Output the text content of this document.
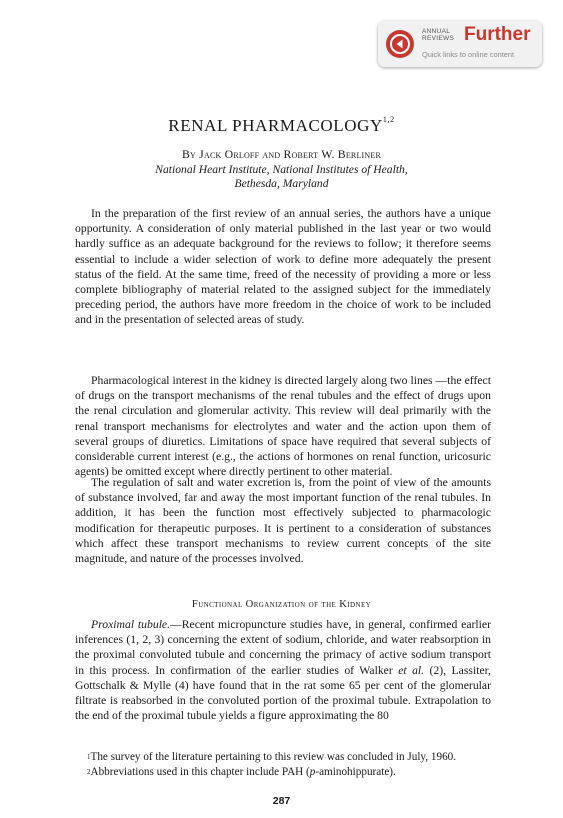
ANNUAL
REVIEWS Further
Quick links to online content
RENAL PHARMACOLOGY$^{1,2}$
By Jack Orloff and Robert W. Berliner
National Heart Institute, National Institutes of Health,
Bethesda, Maryland

In the preparation of the first review of an annual series, the authors have a unique opportunity. A consideration of only material published in the last year or two would hardly suffice as an adequate background for the reviews to follow; it therefore seems essential to include a wider selection of work to define more adequately the present status of the field. At the same time, freed of the necessity of providing a more or less complete bibliography of material related to the assigned subject for the immediately preceding period, the authors have more freedom in the choice of work to be included and in the presentation of selected areas of study.

Pharmacological interest in the kidney is directed largely along two lines —the effect of drugs on the transport mechanisms of the renal tubules and the effect of drugs upon the renal circulation and glomerular activity. This review will deal primarily with the renal transport mechanisms for electrolytes and water and the action upon them of several groups of diuretics. Limitations of space have required that several subjects of considerable current interest (e.g., the actions of hormones on renal function, uricosuric agents) be omitted except where directly pertinent to other material.

The regulation of salt and water excretion is, from the point of view of the amounts of substance involved, far and away the most important function of the renal tubules. In addition, it has been the function most effectively subjected to pharmacologic modification for therapeutic purposes. It is pertinent to a consideration of substances which affect these transport mechanisms to review current concepts of the site magnitude, and nature of the processes involved.

Functional Organization of the Kidney

Proximal tubule.—Recent micropuncture studies have, in general, confirmed earlier inferences (1, 2, 3) concerning the extent of sodium, chloride, and water reabsorption in the proximal convoluted tubule and concerning the primacy of active sodium transport in this process. In confirmation of the earlier studies of Walker et al. (2), Lassiter, Gottschalk & Mylle (4) have found that in the rat some 65 per cent of the glomerular filtrate is reabsorbed in the convoluted portion of the proximal tubule. Extrapolation to the end of the proximal tubule yields a figure approximating the 80

$^1$The survey of the literature pertaining to this review was concluded in July, 1960.

$^2$Abbreviations used in this chapter include PAH (p-aminohippurate).

287
